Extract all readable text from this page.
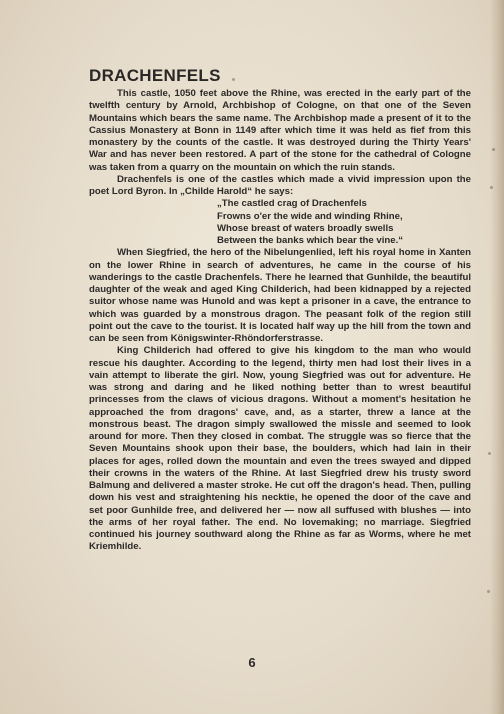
DRACHENFELS

This castle, 1050 feet above the Rhine, was erected in the early part of the twelfth century by Arnold, Archbishop of Cologne, on that one of the Seven Mountains which bears the same name. The Archbishop made a present of it to the Cassius Monastery at Bonn in 1149 after which time it was held as fief from this monastery by the counts of the castle. It was destroyed during the Thirty Years' War and has never been restored. A part of the stone for the cathedral of Cologne was taken from a quarry on the mountain on which the ruin stands.

Drachenfels is one of the castles which made a vivid impression upon the poet Lord Byron. In „Childe Harold“ he says:

„The castled crag of Drachenfels
Frowns o'er the wide and winding Rhine,
Whose breast of waters broadly swells
Between the banks which bear the vine.“

When Siegfried, the hero of the Nibelungenlied, left his royal home in Xanten on the lower Rhine in search of adventures, he came in the course of his wanderings to the castle Drachenfels. There he learned that Gunhilde, the beautiful daughter of the weak and aged King Childerich, had been kidnapped by a rejected suitor whose name was Hunold and was kept a prisoner in a cave, the entrance to which was guarded by a monstrous dragon. The peasant folk of the region still point out the cave to the tourist. It is located half way up the hill from the town and can be seen from Königswinter-Rhöndorferstrasse.

King Childerich had offered to give his kingdom to the man who would rescue his daughter. According to the legend, thirty men had lost their lives in a vain attempt to liberate the girl. Now, young Siegfried was out for adventure. He was strong and daring and he liked nothing better than to wrest beautiful princesses from the claws of vicious dragons. Without a moment's hesitation he approached the from dragons' cave, and, as a starter, threw a lance at the monstrous beast. The dragon simply swallowed the missle and seemed to look around for more. Then they closed in combat. The struggle was so fierce that the Seven Mountains shook upon their base, the boulders, which had lain in their places for ages, rolled down the mountain and even the trees swayed and dipped their crowns in the waters of the Rhine. At last Siegfried drew his trusty sword Balmung and delivered a master stroke. He cut off the dragon's head. Then, pulling down his vest and straightening his necktie, he opened the door of the cave and set poor Gunhilde free, and delivered her — now all suffused with blushes — into the arms of her royal father. The end. No lovemaking; no marriage. Siegfried continued his journey southward along the Rhine as far as Worms, where he met Kriemhilde.

6
